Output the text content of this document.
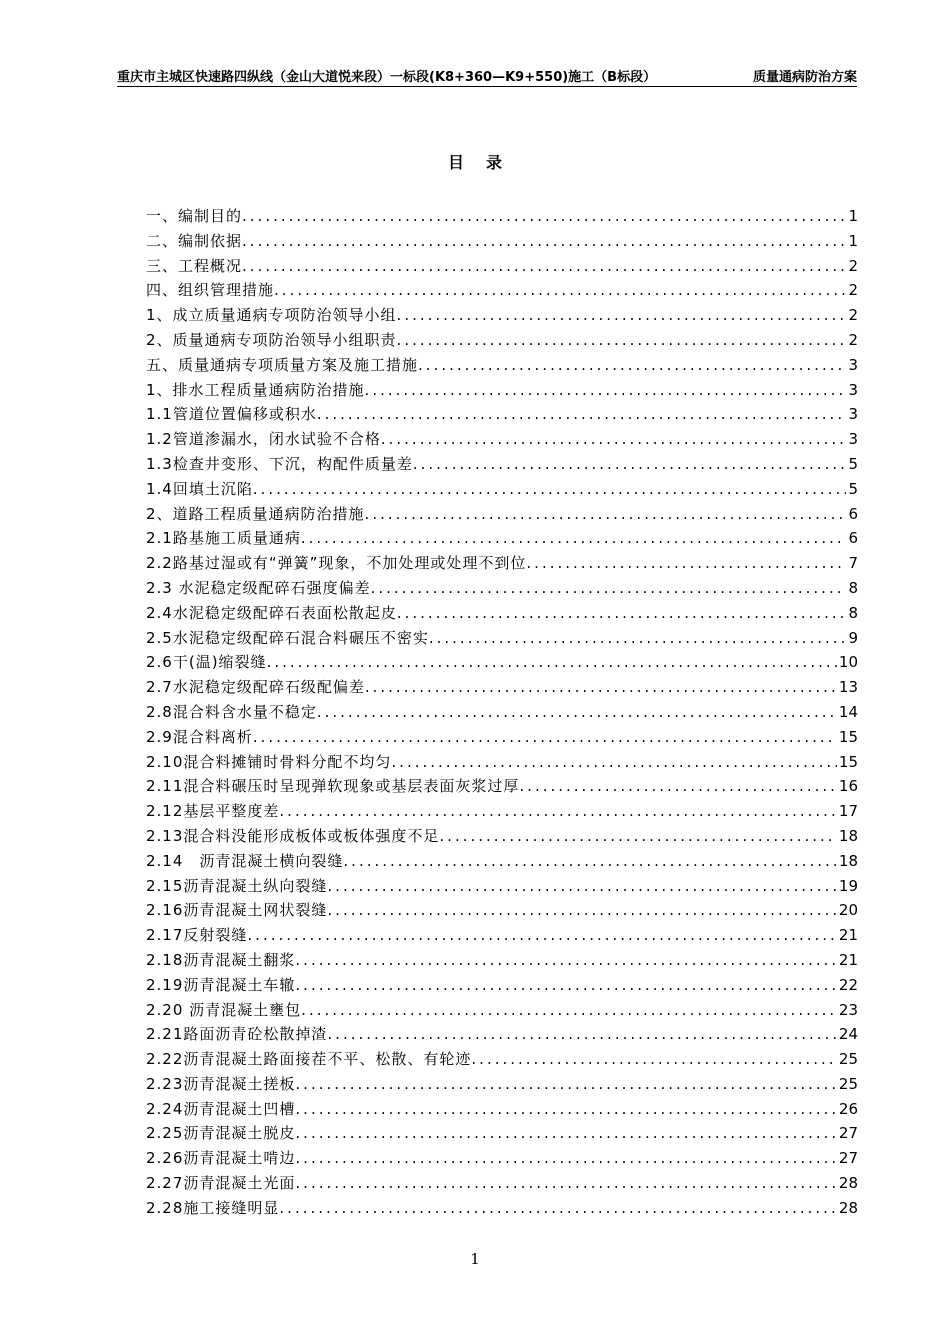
重庆市主城区快速路四纵线（金山大道悦来段）一标段(K8+360—K9+550)施工（B标段）	质量通病防治方案
目录
一、编制目的 .....	1
二、编制依据 .....	1
三、工程概况 .....	2
四、组织管理措施 .....	2
1、成立质量通病专项防治领导小组 .....	2
2、质量通病专项防治领导小组职责 .....	2
五、质量通病专项质量方案及施工措施 .....	3
1、排水工程质量通病防治措施 .....	3
1.1管道位置偏移或积水 .....	3
1.2管道渗漏水，闭水试验不合格 .....	3
1.3检查井变形、下沉，构配件质量差 .....	5
1.4回填土沉陷 .....	5
2、道路工程质量通病防治措施 .....	6
2.1路基施工质量通病 .....	6
2.2路基过湿或有“弹簧”现象，不加处理或处理不到位 .....	7
2.3 水泥稳定级配碎石强度偏差 .....	8
2.4水泥稳定级配碎石表面松散起皮 .....	8
2.5水泥稳定级配碎石混合料碾压不密实 .....	9
2.6干(温)缩裂缝 .....	10
2.7水泥稳定级配碎石级配偏差 .....	13
2.8混合料含水量不稳定 .....	14
2.9混合料离析 .....	15
2.10混合料摊铺时骨料分配不均匀 .....	15
2.11混合料碾压时呈现弹软现象或基层表面灰浆过厚 .....	16
2.12基层平整度差 .....	17
2.13混合料没能形成板体或板体强度不足 .....	18
2.14　沥青混凝土横向裂缝 .....	18
2.15沥青混凝土纵向裂缝 .....	19
2.16沥青混凝土网状裂缝 .....	20
2.17反射裂缝 .....	21
2.18沥青混凝土翻浆 .....	21
2.19沥青混凝土车辙 .....	22
2.20 沥青混凝土壅包 .....	23
2.21路面沥青砼松散掉渣 .....	24
2.22沥青混凝土路面接茬不平、松散、有轮迹 .....	25
2.23沥青混凝土搓板 .....	25
2.24沥青混凝土凹槽 .....	26
2.25沥青混凝土脱皮 .....	27
2.26沥青混凝土啃边 .....	27
2.27沥青混凝土光面 .....	28
2.28施工接缝明显 .....	28
1
